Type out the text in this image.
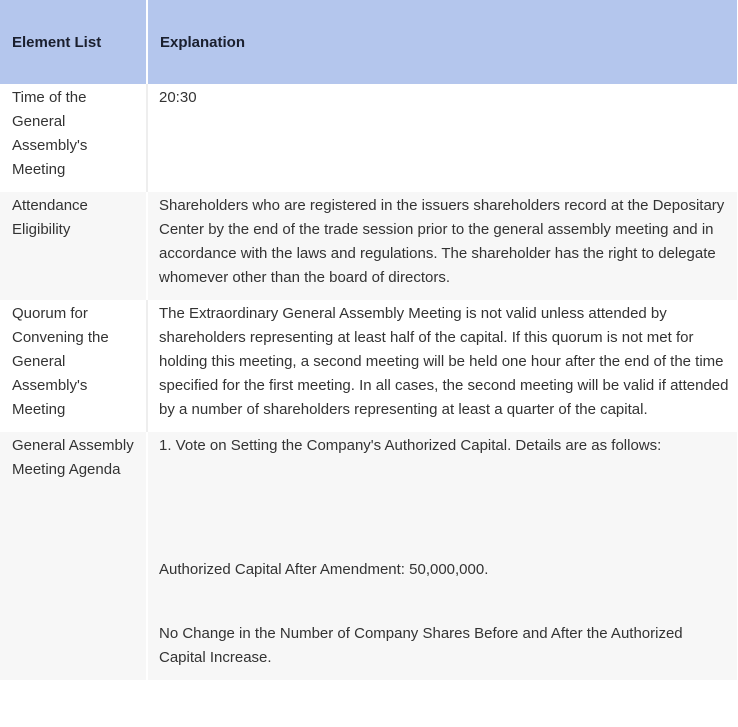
Element List	Explanation
Time of the General Assembly's Meeting	20:30
Attendance Eligibility	Shareholders who are registered in the issuers shareholders record at the Depositary Center by the end of the trade session prior to the general assembly meeting and in accordance with the laws and regulations. The shareholder has the right to delegate whomever other than the board of directors.
Quorum for Convening the General Assembly's Meeting	The Extraordinary General Assembly Meeting is not valid unless attended by shareholders representing at least half of the capital. If this quorum is not met for holding this meeting, a second meeting will be held one hour after the end of the time specified for the first meeting. In all cases, the second meeting will be valid if attended by a number of shareholders representing at least a quarter of the capital.
General Assembly Meeting Agenda	1. Vote on Setting the Company's Authorized Capital. Details are as follows:

Authorized Capital After Amendment: 50,000,000.

No Change in the Number of Company Shares Before and After the Authorized Capital Increase.
